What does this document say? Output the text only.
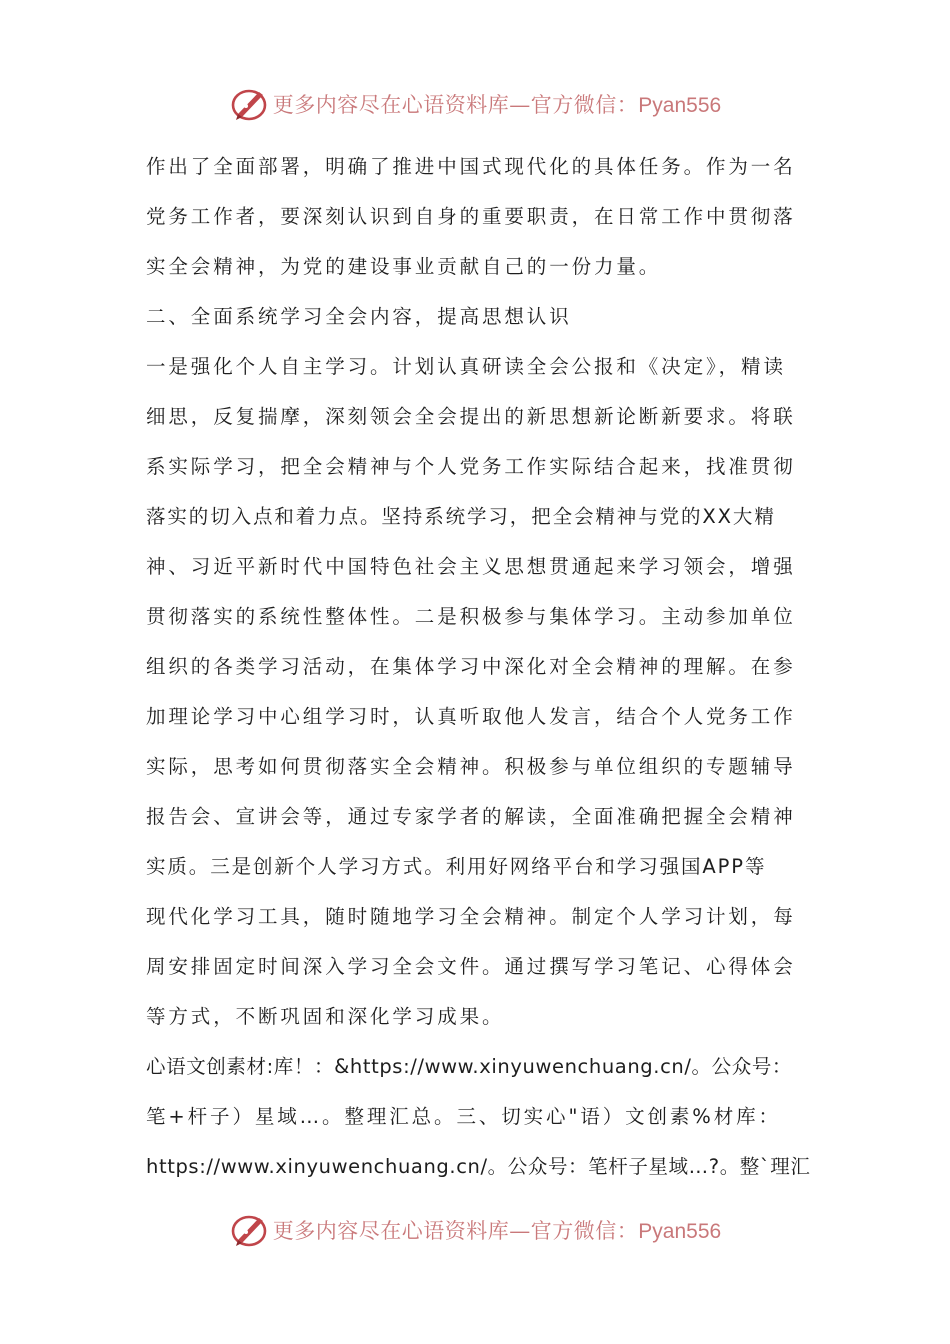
更多内容尽在心语资料库—官方微信：Pyan556
作出了全面部署，明确了推进中国式现代化的具体任务。作为一名
党务工作者，要深刻认识到自身的重要职责，在日常工作中贯彻落
实全会精神，为党的建设事业贡献自己的一份力量。
二、全面系统学习全会内容，提高思想认识
一是强化个人自主学习。计划认真研读全会公报和《决定》，精读
细思，反复揣摩，深刻领会全会提出的新思想新论断新要求。将联
系实际学习，把全会精神与个人党务工作实际结合起来，找准贯彻
落实的切入点和着力点。坚持系统学习，把全会精神与党的XX大精
神、习近平新时代中国特色社会主义思想贯通起来学习领会，增强
贯彻落实的系统性整体性。二是积极参与集体学习。主动参加单位
组织的各类学习活动，在集体学习中深化对全会精神的理解。在参
加理论学习中心组学习时，认真听取他人发言，结合个人党务工作
实际，思考如何贯彻落实全会精神。积极参与单位组织的专题辅导
报告会、宣讲会等，通过专家学者的解读，全面准确把握全会精神
实质。三是创新个人学习方式。利用好网络平台和学习强国APP等
现代化学习工具，随时随地学习全会精神。制定个人学习计划，每
周安排固定时间深入学习全会文件。通过撰写学习笔记、心得体会
等方式，不断巩固和深化学习成果。
心语文创素材:库！：&https://www.xinyuwenchuang.cn/。公众号：
笔+杆子）星域…。整理汇总。三、切实心"语）文创素%材库：
https://www.xinyuwenchuang.cn/。公众号：笔杆子星域…?。整`理汇
更多内容尽在心语资料库—官方微信：Pyan556
